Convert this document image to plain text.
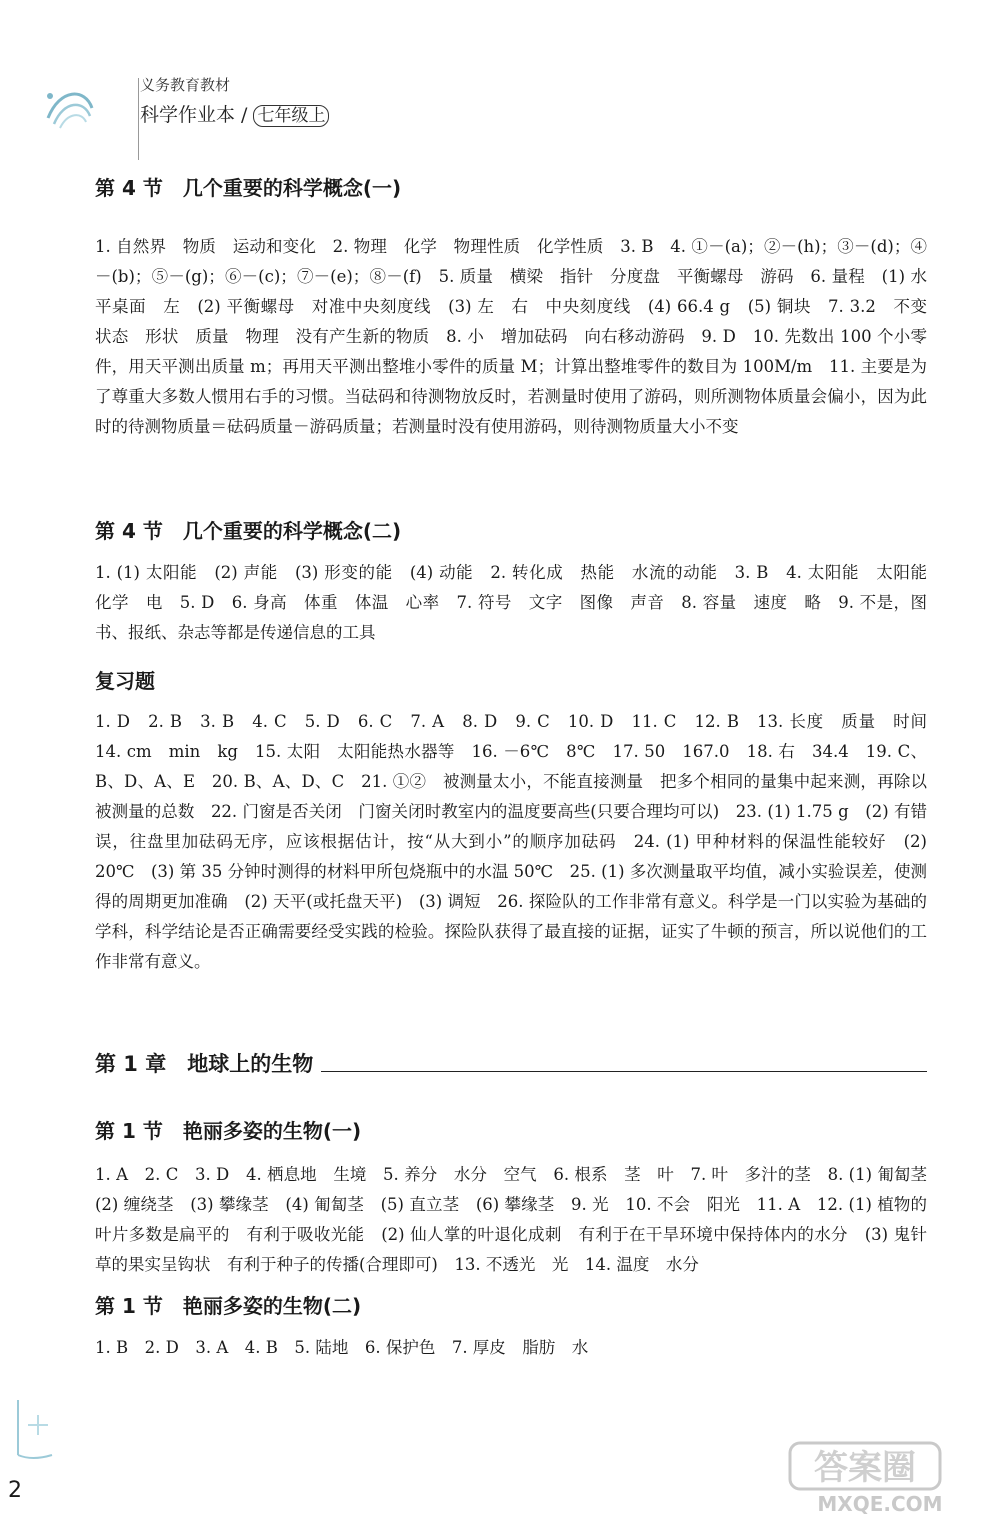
义务教育教材
科学作业本 / 七年级上
第 4 节　几个重要的科学概念(一)

1. 自然界　物质　运动和变化　2. 物理　化学　物理性质　化学性质　3. B　4. ①－(a)；②－(h)；③－(d)；④－(b)；⑤－(g)；⑥－(c)；⑦－(e)；⑧－(f)　5. 质量　横梁　指针　分度盘　平衡螺母　游码　6. 量程　(1) 水平桌面　左　(2) 平衡螺母　对准中央刻度线　(3) 左　右　中央刻度线　(4) 66.4 g　(5) 铜块　7. 3.2　不变　状态　形状　质量　物理　没有产生新的物质　8. 小　增加砝码　向右移动游码　9. D　10. 先数出 100 个小零件，用天平测出质量 m；再用天平测出整堆小零件的质量 M；计算出整堆零件的数目为 100M/m　11. 主要是为了尊重大多数人惯用右手的习惯。当砝码和待测物放反时，若测量时使用了游码，则所测物体质量会偏小，因为此时的待测物质量＝砝码质量－游码质量；若测量时没有使用游码，则待测物质量大小不变

第 4 节　几个重要的科学概念(二)

1. (1) 太阳能　(2) 声能　(3) 形变的能　(4) 动能　2. 转化成　热能　水流的动能　3. B　4. 太阳能　太阳能　化学　电　5. D　6. 身高　体重　体温　心率　7. 符号　文字　图像　声音　8. 容量　速度　略　9. 不是，图书、报纸、杂志等都是传递信息的工具

复习题

1. D　2. B　3. B　4. C　5. D　6. C　7. A　8. D　9. C　10. D　11. C　12. B　13. 长度　质量　时间　14. cm　min　kg　15. 太阳　太阳能热水器等　16. －6℃　8℃　17. 50　167.0　18. 右　34.4　19. C、B、D、A、E　20. B、A、D、C　21. ①②　被测量太小，不能直接测量　把多个相同的量集中起来测，再除以被测量的总数　22. 门窗是否关闭　门窗关闭时教室内的温度要高些(只要合理均可以)　23. (1) 1.75 g　(2) 有错误，往盘里加砝码无序，应该根据估计，按“从大到小”的顺序加砝码　24. (1) 甲种材料的保温性能较好　(2) 20℃　(3) 第 35 分钟时测得的材料甲所包烧瓶中的水温 50℃　25. (1) 多次测量取平均值，减小实验误差，使测得的周期更加准确　(2) 天平(或托盘天平)　(3) 调短　26. 探险队的工作非常有意义。科学是一门以实验为基础的学科，科学结论是否正确需要经受实践的检验。探险队获得了最直接的证据，证实了牛顿的预言，所以说他们的工作非常有意义。

第 1 章　地球上的生物
第 1 节　艳丽多姿的生物(一)

1. A　2. C　3. D　4. 栖息地　生境　5. 养分　水分　空气　6. 根系　茎　叶　7. 叶　多汁的茎　8. (1) 匍匐茎　(2) 缠绕茎　(3) 攀缘茎　(4) 匍匐茎　(5) 直立茎　(6) 攀缘茎　9. 光　10. 不会　阳光　11. A　12. (1) 植物的叶片多数是扁平的　有利于吸收光能　(2) 仙人掌的叶退化成刺　有利于在干旱环境中保持体内的水分　(3) 鬼针草的果实呈钩状　有利于种子的传播(合理即可)　13. 不透光　光　14. 温度　水分

第 1 节　艳丽多姿的生物(二)

1. B　2. D　3. A　4. B　5. 陆地　6. 保护色　7. 厚皮　脂肪　水

2
答案圈
MXQE.COM
